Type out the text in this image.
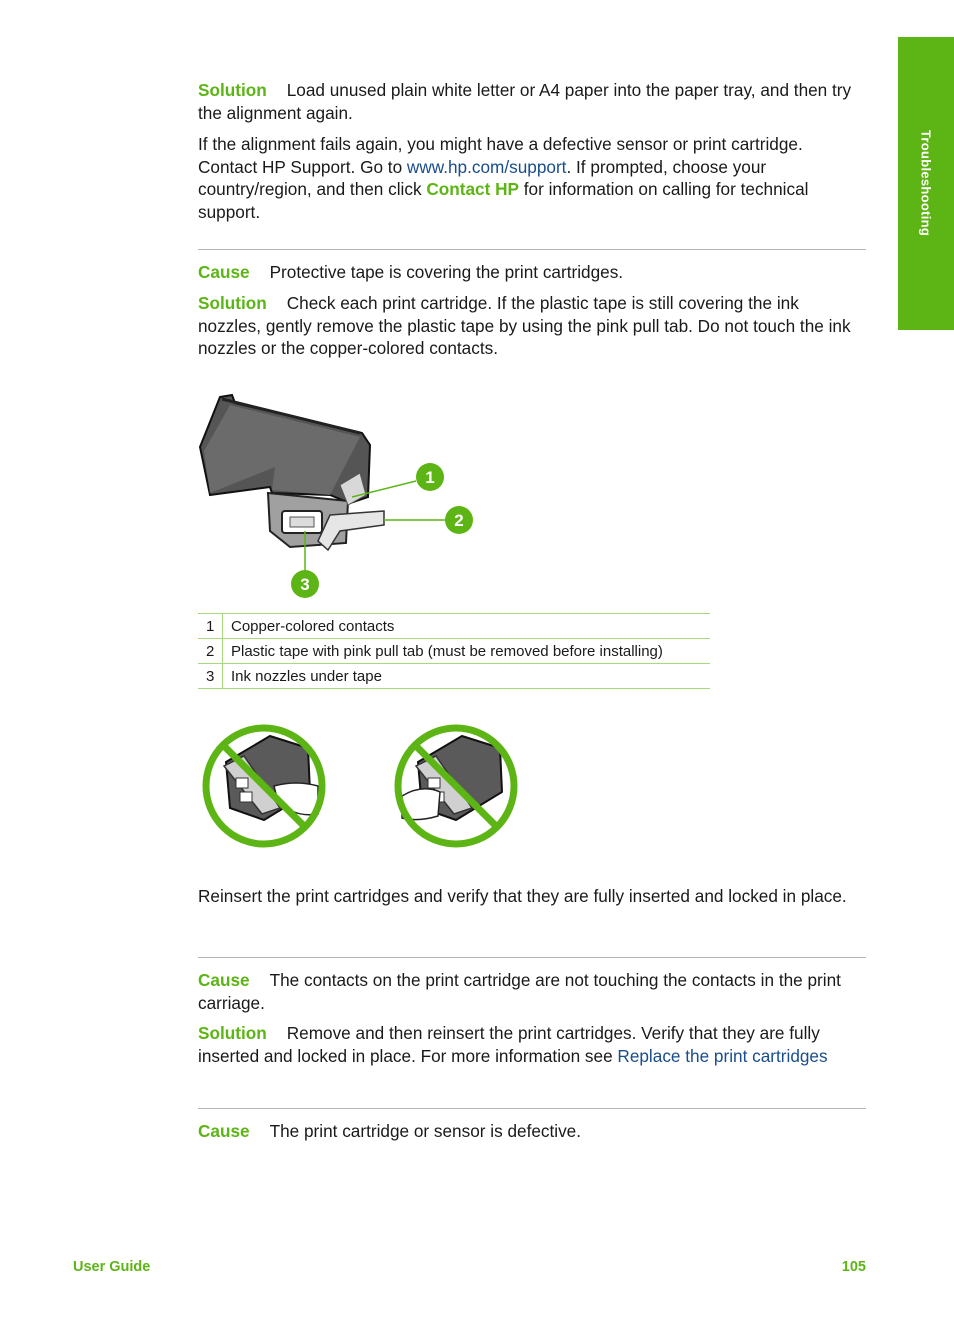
Troubleshooting

Solution Load unused plain white letter or A4 paper into the paper tray, and then try the alignment again.

If the alignment fails again, you might have a defective sensor or print cartridge. Contact HP Support. Go to www.hp.com/support. If prompted, choose your country/region, and then click Contact HP for information on calling for technical support.

Cause Protective tape is covering the print cartridges.

Solution Check each print cartridge. If the plastic tape is still covering the ink nozzles, gently remove the plastic tape by using the pink pull tab. Do not touch the ink nozzles or the copper-colored contacts.

1
2
3
1	Copper-colored contacts
2	Plastic tape with pink pull tab (must be removed before installing)
3	Ink nozzles under tape

Reinsert the print cartridges and verify that they are fully inserted and locked in place.

Cause The contacts on the print cartridge are not touching the contacts in the print carriage.

Solution Remove and then reinsert the print cartridges. Verify that they are fully inserted and locked in place. For more information see Replace the print cartridges

Cause The print cartridge or sensor is defective.

User Guide	105
